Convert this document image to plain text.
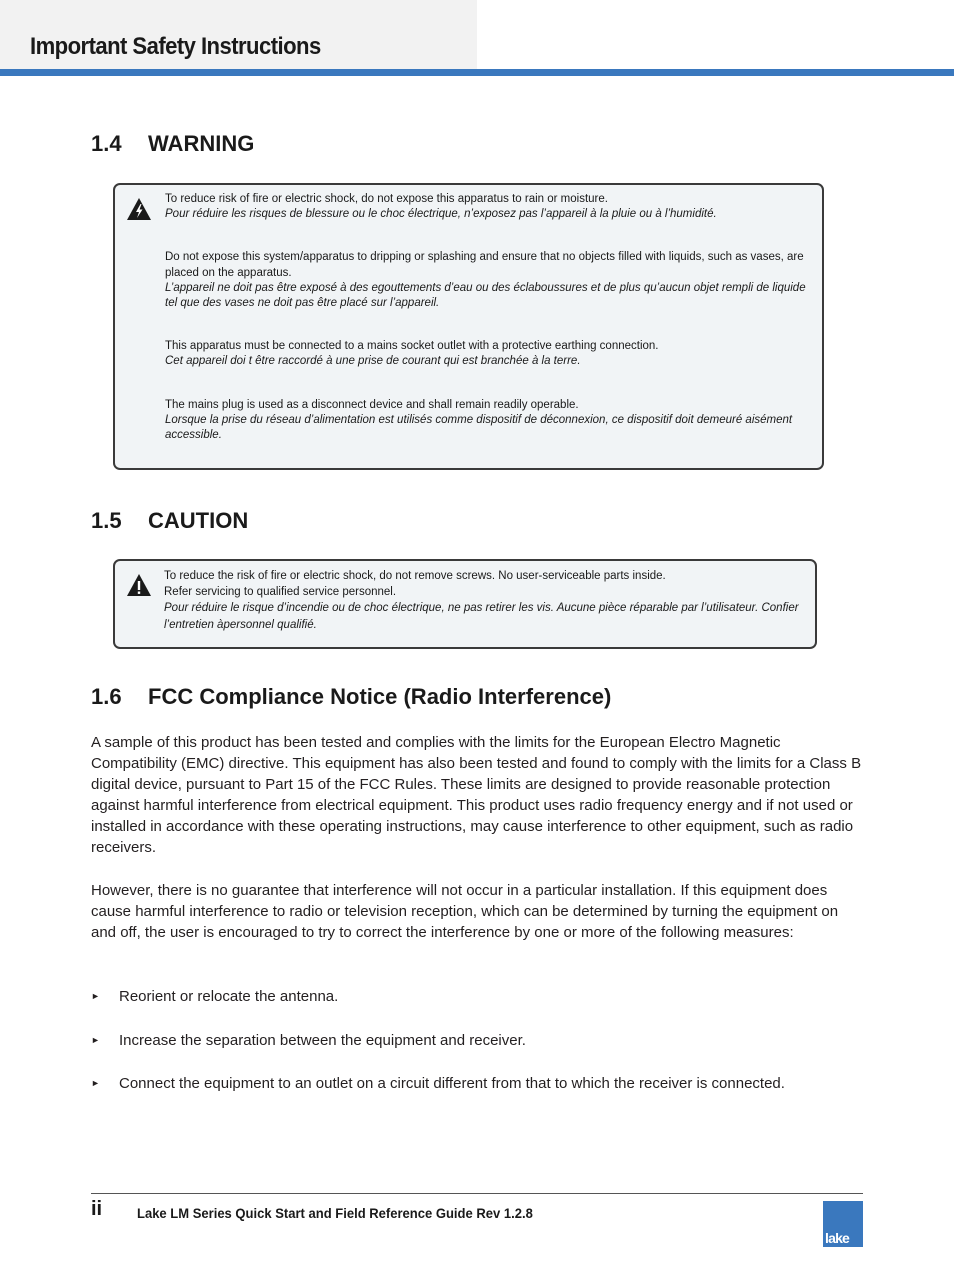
Important Safety Instructions
1.4 WARNING

To reduce risk of fire or electric shock, do not expose this apparatus to rain or moisture.

Pour réduire les risques de blessure ou le choc électrique, n’exposez pas l’appareil à la pluie ou à l’humidité.

Do not expose this system/apparatus to dripping or splashing and ensure that no objects filled with liquids, such as vases, are placed on the apparatus.

L’appareil ne doit pas être exposé à des egouttements d’eau ou des éclaboussures et de plus qu’aucun objet rempli de liquide tel que des vases ne doit pas être placé sur l’appareil.

This apparatus must be connected to a mains socket outlet with a protective earthing connection.

Cet appareil doi t être raccordé à une prise de courant qui est branchée à la terre.

The mains plug is used as a disconnect device and shall remain readily operable.

Lorsque la prise du réseau d’alimentation est utilisés comme dispositif de déconnexion, ce dispositif doit demeuré aisément accessible.

1.5 CAUTION

To reduce the risk of fire or electric shock, do not remove screws. No user-serviceable parts inside.

Refer servicing to qualified service personnel.

Pour réduire le risque d’incendie ou de choc électrique, ne pas retirer les vis. Aucune pièce réparable par l’utilisateur. Confier l’entretien àpersonnel qualifié.

1.6 FCC Compliance Notice (Radio Interference)

A sample of this product has been tested and complies with the limits for the European Electro Magnetic Compatibility (EMC) directive. This equipment has also been tested and found to comply with the limits for a Class B digital device, pursuant to Part 15 of the FCC Rules. These limits are designed to provide reasonable protection against harmful interference from electrical equipment. This product uses radio frequency energy and if not used or installed in accordance with these operating instructions, may cause interference to other equipment, such as radio receivers.

However, there is no guarantee that interference will not occur in a particular installation. If this equipment does cause harmful interference to radio or television reception, which can be determined by turning the equipment on and off, the user is encouraged to try to correct the interference by one or more of the following measures:

► Reorient or relocate the antenna.
► Increase the separation between the equipment and receiver.
► Connect the equipment to an outlet on a circuit different from that to which the receiver is connected.
ii Lake LM Series Quick Start and Field Reference Guide Rev 1.2.8
lake
